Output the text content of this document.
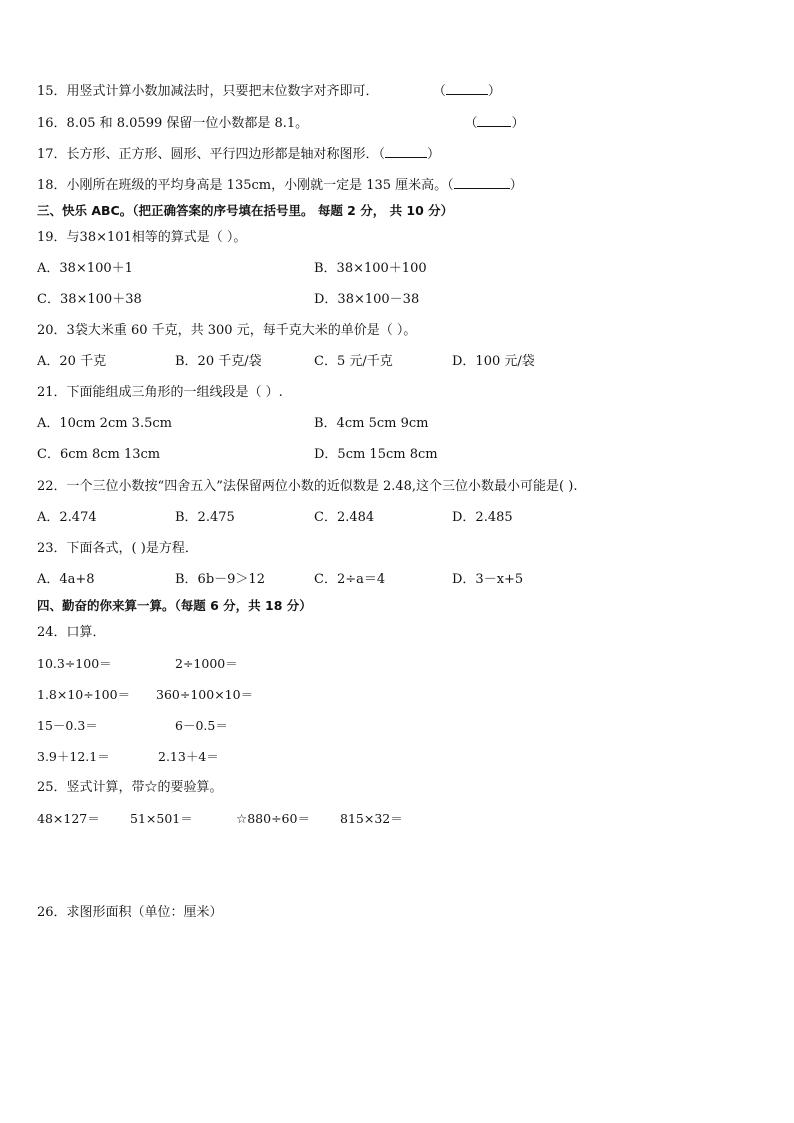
15．用竖式计算小数加减法时，只要把末位数字对齐即可．	（	）
16．8.05 和 8.0599 保留一位小数都是 8.1。	（	）
17．长方形、正方形、圆形、平行四边形都是轴对称图形．（	）
18．小刚所在班级的平均身高是 135cm，小刚就一定是 135 厘米高。（	）
三、快乐 ABC。（把正确答案的序号填在括号里。 每题 2 分， 共 10 分）
19．与38×101相等的算式是（ ）。
A．38×100＋1	B．38×100＋100
C．38×100＋38	D．38×100－38
20．3袋大米重 60 千克，共 300 元，每千克大米的单价是（ ）。
A．20 千克	B．20 千克/袋	C．5 元/千克	D．100 元/袋
21．下面能组成三角形的一组线段是（ ）.
A．10cm 2cm 3.5cm	B．4cm 5cm 9cm
C．6cm 8cm 13cm	D．5cm 15cm 8cm
22．一个三位小数按“四舍五入”法保留两位小数的近似数是 2.48,这个三位小数最小可能是( ).
A．2.474	B．2.475	C．2.484	D．2.485
23．下面各式，( )是方程．
A．4a+8	B．6b－9＞12	C．2÷a＝4	D．3－x+5
四、勤奋的你来算一算。（每题 6 分，共 18 分）
24．口算．
10.3÷100＝	2÷1000＝
1.8×10÷100＝ 360÷100×10＝
15－0.3＝	6－0.5＝
3.9＋12.1＝	2.13＋4＝
25．竖式计算，带☆的要验算。
48×127＝ 51×501＝	☆880÷60＝ 815×32＝
26．求图形面积（单位：厘米）
